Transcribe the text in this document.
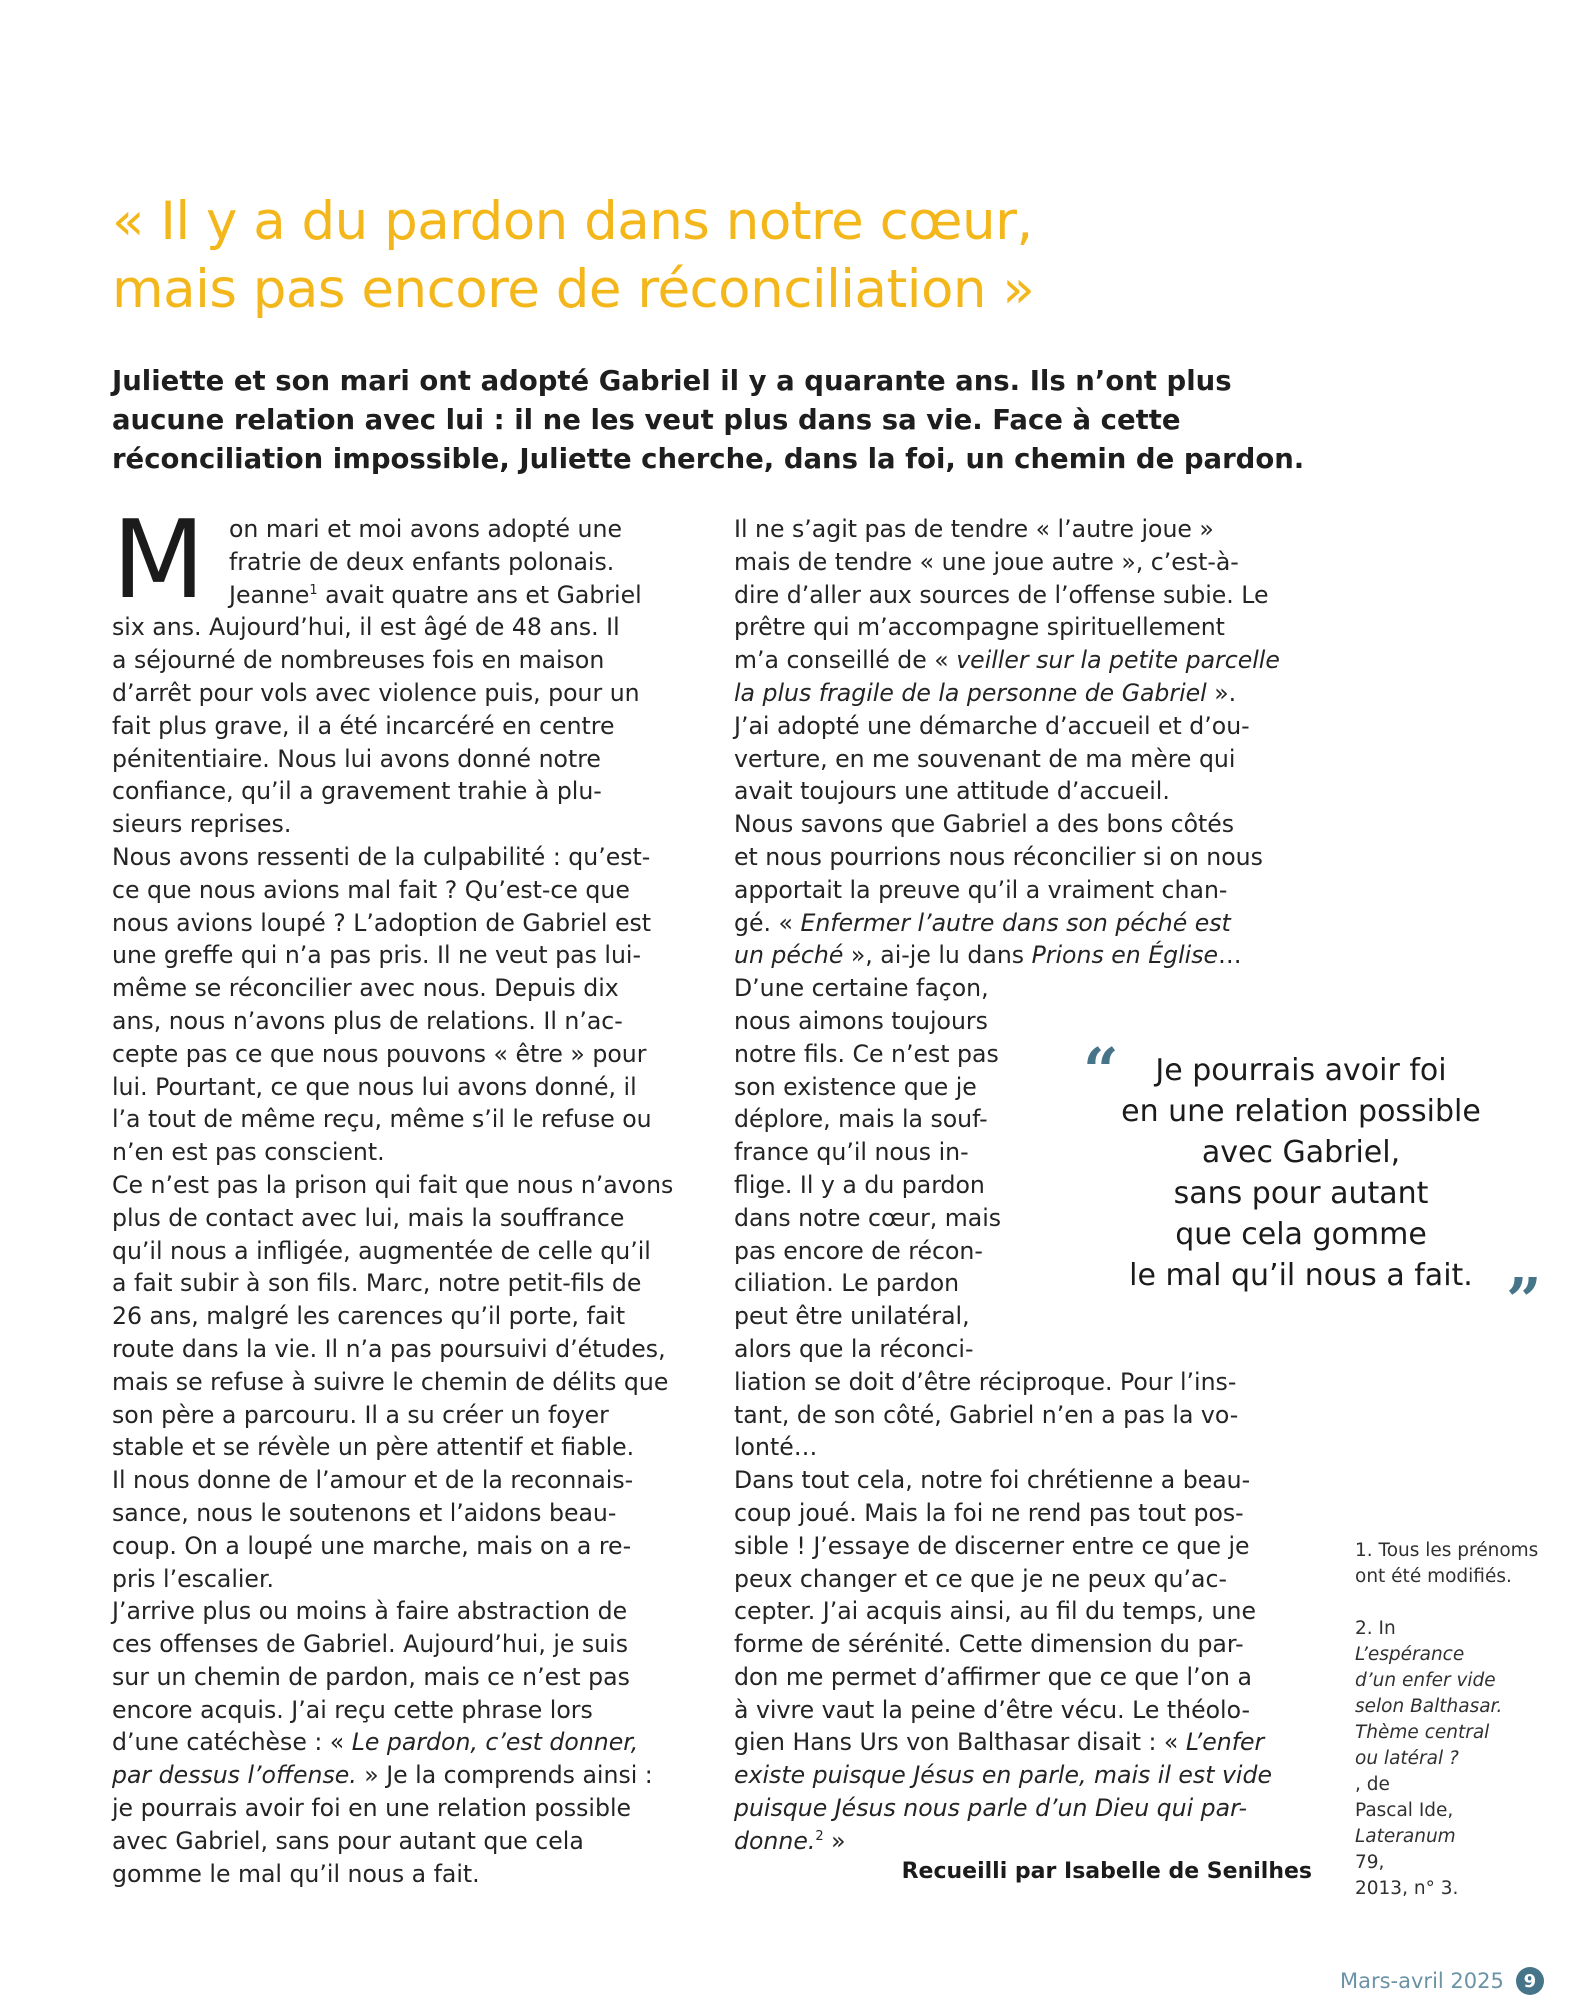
« Il y a du pardon dans notre cœur,
mais pas encore de réconciliation »

Juliette et son mari ont adopté Gabriel il y a quarante ans. Ils n’ont plus
aucune relation avec lui : il ne les veut plus dans sa vie. Face à cette
réconciliation impossible, Juliette cherche, dans la foi, un chemin de pardon.

M	on mari et moi avons adopté une
fratrie de deux enfants polonais.
Jeanne$^1$ avait quatre ans et Gabriel
six ans. Aujourd’hui, il est âgé de 48 ans. Il
a séjourné de nombreuses fois en maison
d’arrêt pour vols avec violence puis, pour un
fait plus grave, il a été incarcéré en centre
pénitentiaire. Nous lui avons donné notre
confiance, qu’il a gravement trahie à plu-
sieurs reprises.
Nous avons ressenti de la culpabilité : qu’est-
ce que nous avions mal fait ? Qu’est-ce que
nous avions loupé ? L’adoption de Gabriel est
une greffe qui n’a pas pris. Il ne veut pas lui-
même se réconcilier avec nous. Depuis dix
ans, nous n’avons plus de relations. Il n’ac-
cepte pas ce que nous pouvons « être » pour
lui. Pourtant, ce que nous lui avons donné, il
l’a tout de même reçu, même s’il le refuse ou
n’en est pas conscient.
Ce n’est pas la prison qui fait que nous n’avons
plus de contact avec lui, mais la souffrance
qu’il nous a infligée, augmentée de celle qu’il
a fait subir à son fils. Marc, notre petit-fils de
26 ans, malgré les carences qu’il porte, fait
route dans la vie. Il n’a pas poursuivi d’études,
mais se refuse à suivre le chemin de délits que
son père a parcouru. Il a su créer un foyer
stable et se révèle un père attentif et fiable.
Il nous donne de l’amour et de la reconnais-
sance, nous le soutenons et l’aidons beau-
coup. On a loupé une marche, mais on a re-
pris l’escalier.
J’arrive plus ou moins à faire abstraction de
ces offenses de Gabriel. Aujourd’hui, je suis
sur un chemin de pardon, mais ce n’est pas
encore acquis. J’ai reçu cette phrase lors
d’une catéchèse : « Le pardon, c’est donner,
par dessus l’offense. » Je la comprends ainsi :
je pourrais avoir foi en une relation possible
avec Gabriel, sans pour autant que cela
gomme le mal qu’il nous a fait.
Il ne s’agit pas de tendre « l’autre joue »
mais de tendre « une joue autre », c’est-à-
dire d’aller aux sources de l’offense subie. Le
prêtre qui m’accompagne spirituellement
m’a conseillé de « veiller sur la petite parcelle
la plus fragile de la personne de Gabriel ».
J’ai adopté une démarche d’accueil et d’ou-
verture, en me souvenant de ma mère qui
avait toujours une attitude d’accueil.
Nous savons que Gabriel a des bons côtés
et nous pourrions nous réconcilier si on nous
apportait la preuve qu’il a vraiment chan-
gé. « Enfermer l’autre dans son péché est
un péché », ai-je lu dans Prions en Église…
D’une certaine façon,
nous aimons toujours
notre fils. Ce n’est pas
son existence que je
déplore, mais la souf-
france qu’il nous in-
flige. Il y a du pardon
dans notre cœur, mais
pas encore de récon-
ciliation. Le pardon
peut être unilatéral,
alors que la réconci-
liation se doit d’être réciproque. Pour l’ins-
tant, de son côté, Gabriel n’en a pas la vo-
lonté…
Dans tout cela, notre foi chrétienne a beau-
coup joué. Mais la foi ne rend pas tout pos-
sible ! J’essaye de discerner entre ce que je
peux changer et ce que je ne peux qu’ac-
cepter. J’ai acquis ainsi, au fil du temps, une
forme de sérénité. Cette dimension du par-
don me permet d’affirmer que ce que l’on a
à vivre vaut la peine d’être vécu. Le théolo-
gien Hans Urs von Balthasar disait : « L’enfer
existe puisque Jésus en parle, mais il est vide
puisque Jésus nous parle d’un Dieu qui par-
donne.$^2$ »
Recueilli par Isabelle de Senilhes
“	Je pourrais avoir foi
en une relation possible
avec Gabriel,
sans pour autant
que cela gomme
le mal qu’il nous a fait. ”
1. Tous les prénoms
ont été modifiés.
2. In
L’espérance
d’un enfer vide
selon Balthasar.
Thème central
ou latéral ?
, de
Pascal Ide,
Lateranum
79,
2013, n° 3.
Mars-avril 2025	9
